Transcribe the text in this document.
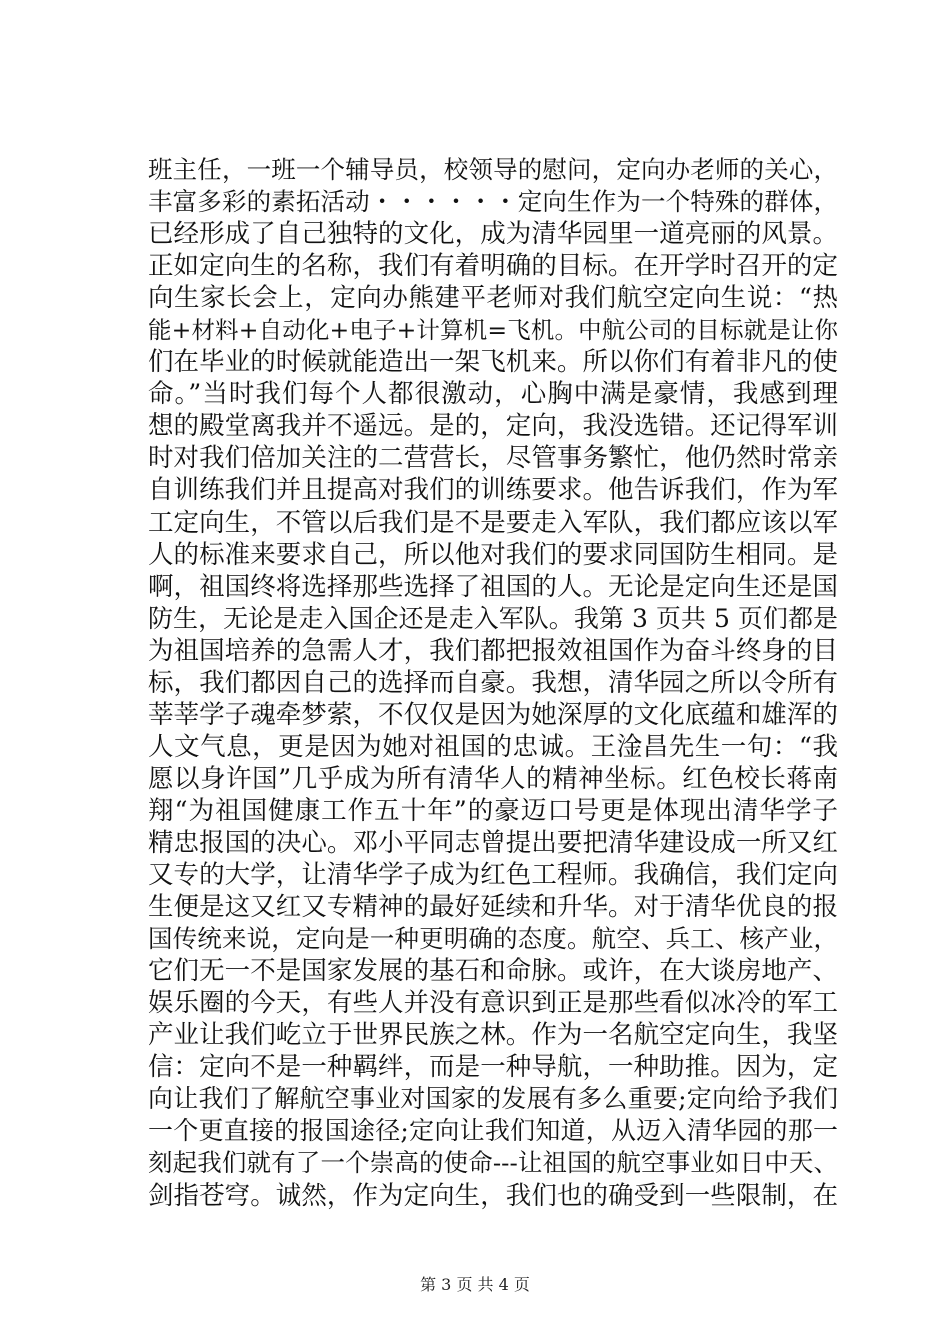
班主任，一班一个辅导员，校领导的慰问，定向办老师的关心，
丰富多彩的素拓活动・・・・・・定向生作为一个特殊的群体，
已经形成了自己独特的文化，成为清华园里一道亮丽的风景。
正如定向生的名称，我们有着明确的目标。在开学时召开的定
向生家长会上，定向办熊建平老师对我们航空定向生说：“热
能+材料+自动化+电子+计算机=飞机。中航公司的目标就是让你
们在毕业的时候就能造出一架飞机来。所以你们有着非凡的使
命。”当时我们每个人都很激动，心胸中满是豪情，我感到理
想的殿堂离我并不遥远。是的，定向，我没选错。还记得军训
时对我们倍加关注的二营营长，尽管事务繁忙，他仍然时常亲
自训练我们并且提高对我们的训练要求。他告诉我们，作为军
工定向生，不管以后我们是不是要走入军队，我们都应该以军
人的标准来要求自己，所以他对我们的要求同国防生相同。是
啊，祖国终将选择那些选择了祖国的人。无论是定向生还是国
防生，无论是走入国企还是走入军队。我第 3 页共 5 页们都是
为祖国培养的急需人才，我们都把报效祖国作为奋斗终身的目
标，我们都因自己的选择而自豪。我想，清华园之所以令所有
莘莘学子魂牵梦萦，不仅仅是因为她深厚的文化底蕴和雄浑的
人文气息，更是因为她对祖国的忠诚。王淦昌先生一句：“我
愿以身许国”几乎成为所有清华人的精神坐标。红色校长蒋南
翔“为祖国健康工作五十年”的豪迈口号更是体现出清华学子
精忠报国的决心。邓小平同志曾提出要把清华建设成一所又红
又专的大学，让清华学子成为红色工程师。我确信，我们定向
生便是这又红又专精神的最好延续和升华。对于清华优良的报
国传统来说，定向是一种更明确的态度。航空、兵工、核产业，
它们无一不是国家发展的基石和命脉。或许，在大谈房地产、
娱乐圈的今天，有些人并没有意识到正是那些看似冰冷的军工
产业让我们屹立于世界民族之林。作为一名航空定向生，我坚
信：定向不是一种羁绊，而是一种导航，一种助推。因为，定
向让我们了解航空事业对国家的发展有多么重要;定向给予我们
一个更直接的报国途径;定向让我们知道，从迈入清华园的那一
刻起我们就有了一个崇高的使命---让祖国的航空事业如日中天、
剑指苍穹。诚然，作为定向生，我们也的确受到一些限制，在
第 3 页 共 4 页
